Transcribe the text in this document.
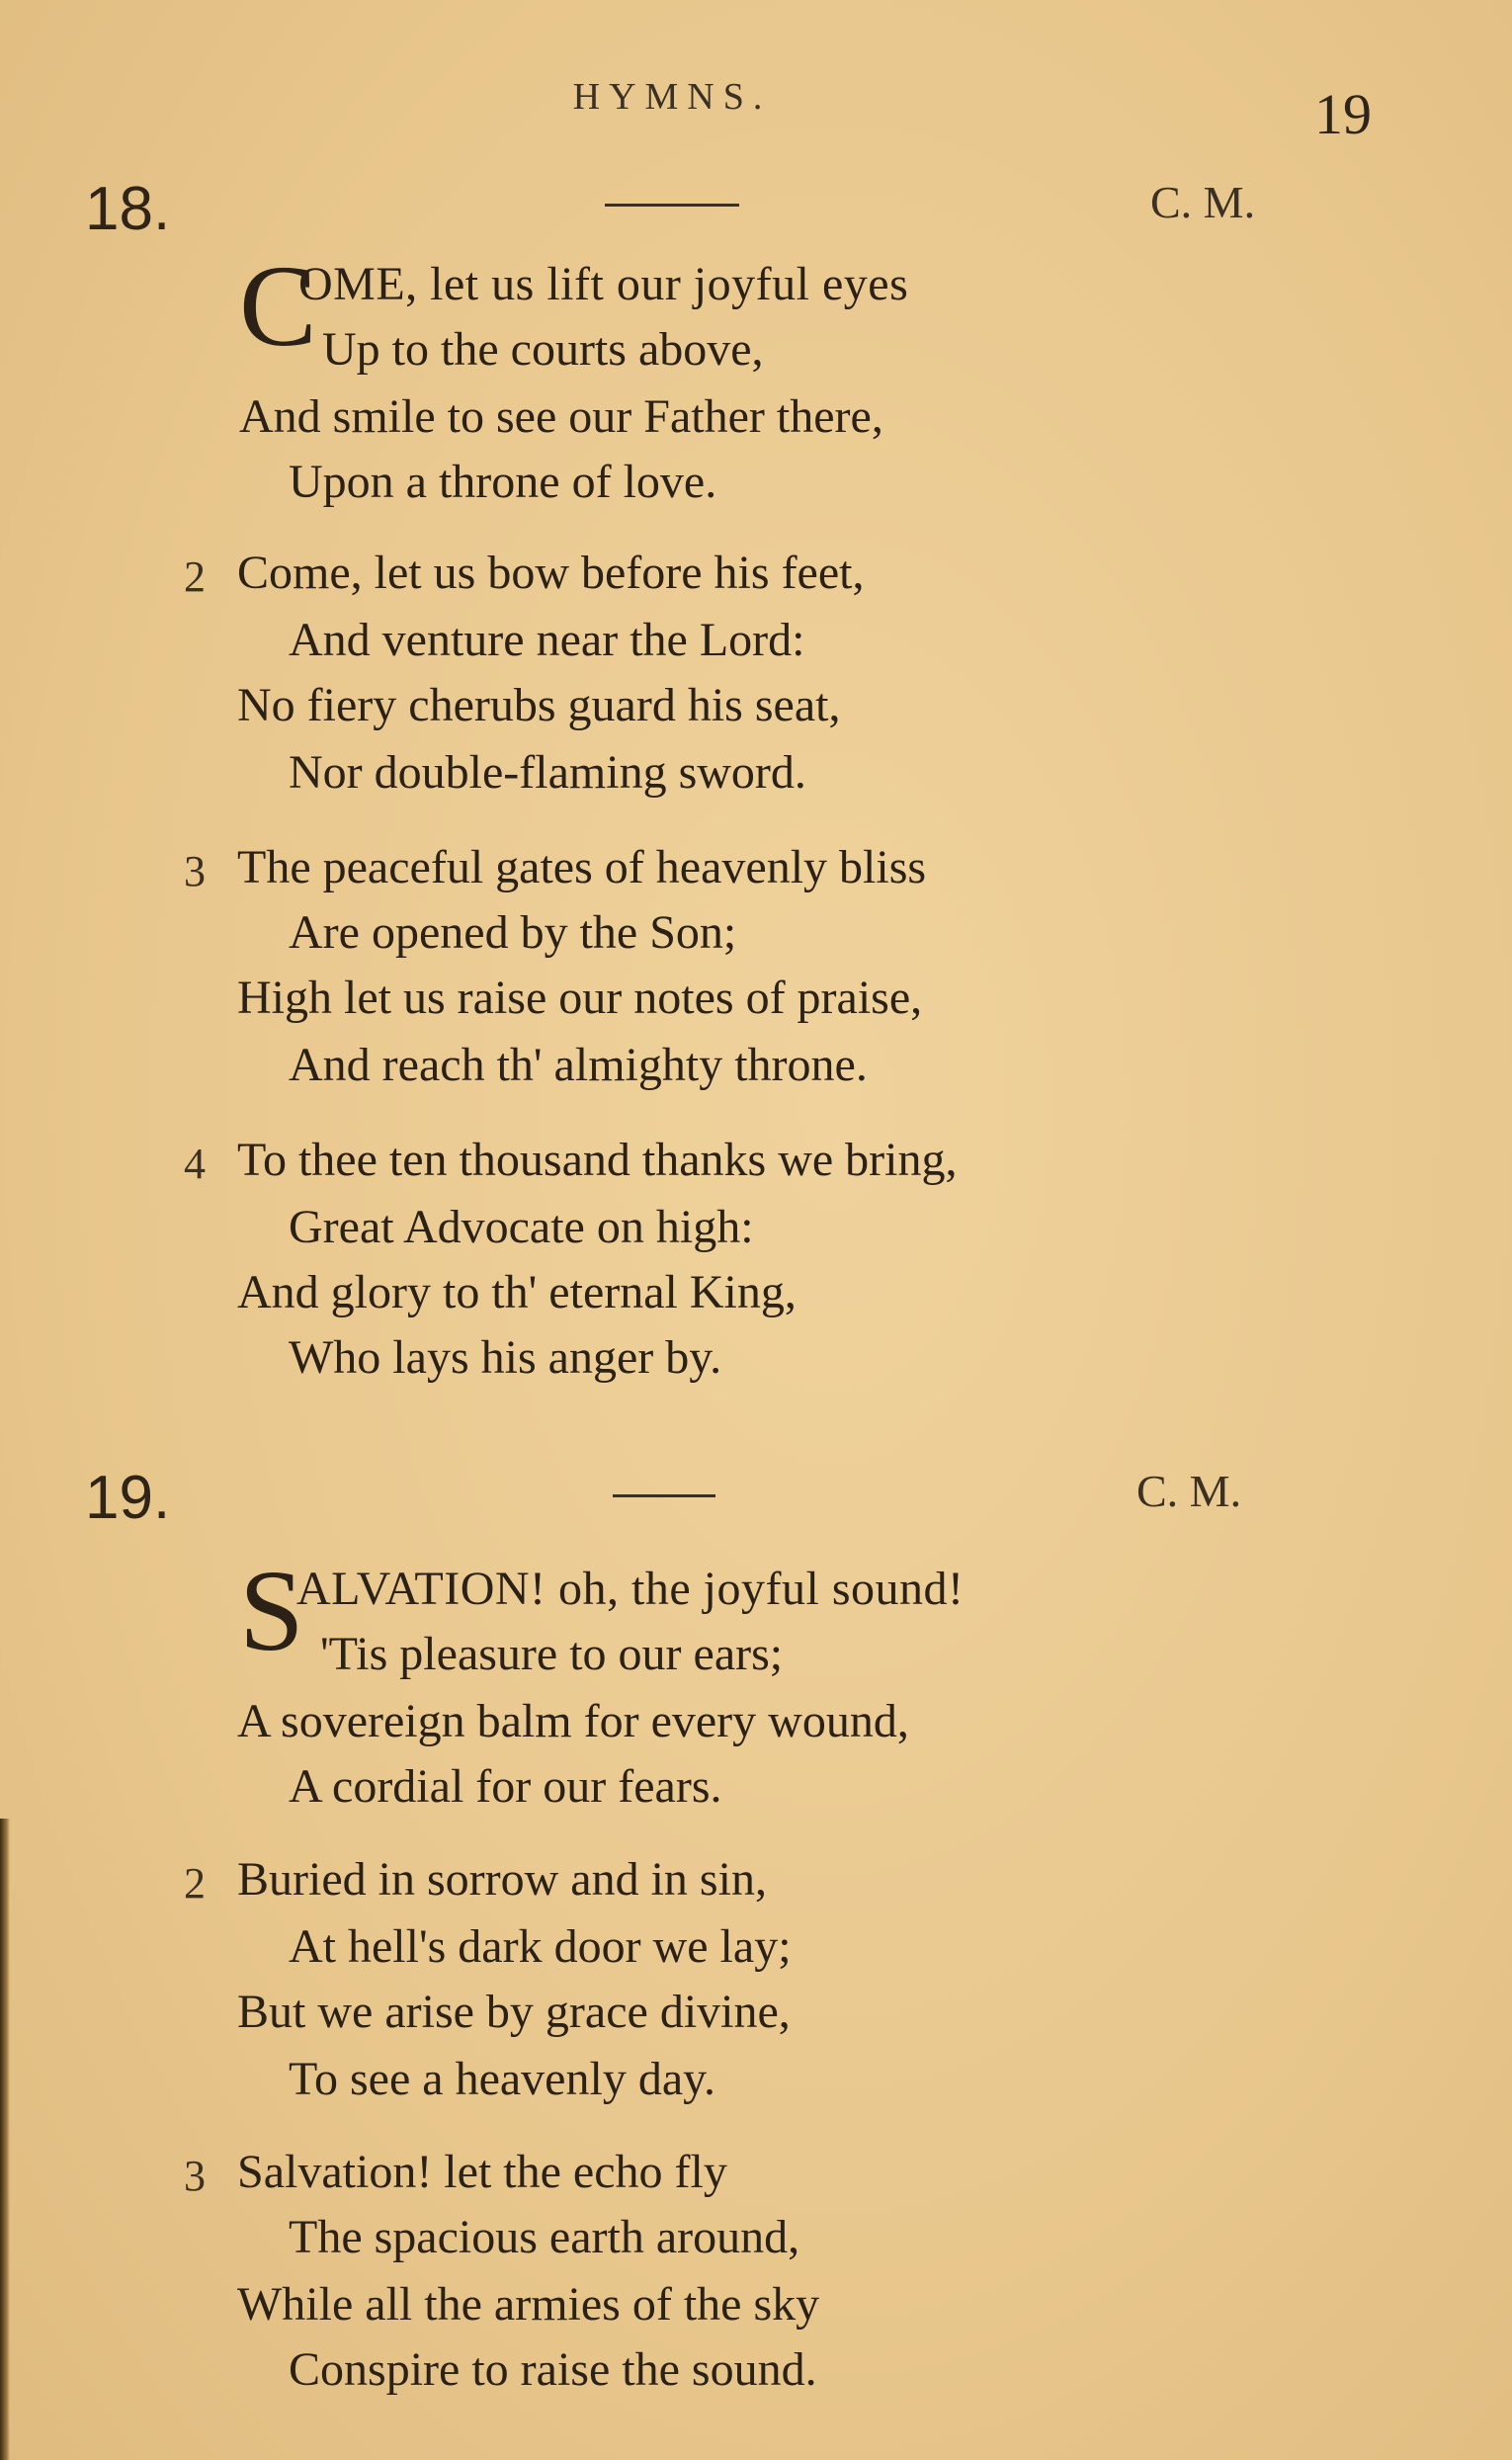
HYMNS.	19
18.	C. M.
C
OME, let us lift our joyful eyes
Up to the courts above,
And smile to see our Father there,
Upon a throne of love.
2 Come, let us bow before his feet,
And venture near the Lord:
No fiery cherubs guard his seat,
Nor double-flaming sword.
3 The peaceful gates of heavenly bliss
Are opened by the Son;
High let us raise our notes of praise,
And reach th' almighty throne.
4 To thee ten thousand thanks we bring,
Great Advocate on high:
And glory to th' eternal King,
Who lays his anger by.
19.	C. M.
S
ALVATION! oh, the joyful sound!
'Tis pleasure to our ears;
A sovereign balm for every wound,
A cordial for our fears.
2 Buried in sorrow and in sin,
At hell's dark door we lay;
But we arise by grace divine,
To see a heavenly day.
3 Salvation! let the echo fly
The spacious earth around,
While all the armies of the sky
Conspire to raise the sound.
